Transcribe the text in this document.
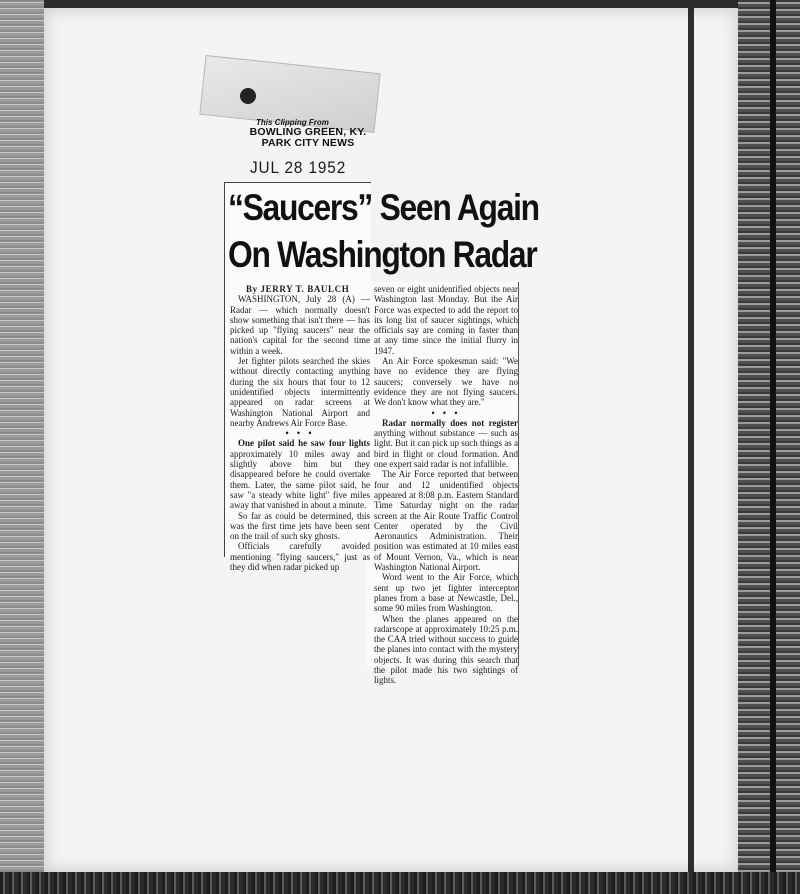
This Clipping From
BOWLING GREEN, KY.
PARK CITY NEWS
JUL 28 1952
“Saucers” Seen Again
On Washington Radar

By JERRY T. BAULCH

WASHINGTON, July 28 (A) — Radar — which normally doesn't show something that isn't there — has picked up "flying saucers" near the nation's capital for the second time within a week.

Jet fighter pilots searched the skies without directly contacting anything during the six hours that four to 12 unidentified objects intermittently appeared on radar screens at Washington National Airport and nearby Andrews Air Force Base.

• • •

One pilot said he saw four lights approximately 10 miles away and slightly above him but they disappeared before he could overtake them. Later, the same pilot said, he saw "a steady white light" five miles away that vanished in about a minute.

So far as could be determined, this was the first time jets have been sent on the trail of such sky ghosts.

Officials carefully avoided mentioning "flying saucers," just as they did when radar picked up

seven or eight unidentified objects near Washington last Monday. But the Air Force was expected to add the report to its long list of saucer sightings, which officials say are coming in faster than at any time since the initial flurry in 1947.

An Air Force spokesman said: "We have no evidence they are flying saucers; conversely we have no evidence they are not flying saucers. We don't know what they are."

• • •

Radar normally does not register anything without substance — such as light. But it can pick up such things as a bird in flight or cloud formation. And one expert said radar is not infallible.

The Air Force reported that between four and 12 unidentified objects appeared at 8:08 p.m. Eastern Standard Time Saturday night on the radar screen at the Air Route Traffic Control Center operated by the Civil Aeronautics Administration. Their position was estimated at 10 miles east of Mount Vernon, Va., which is near Washington National Airport.

Word went to the Air Force, which sent up two jet fighter interceptor planes from a base at Newcastle, Del., some 90 miles from Washington.

When the planes appeared on the radarscope at approximately 10:25 p.m. the CAA tried without success to guide the planes into contact with the mystery objects. It was during this search that the pilot made his two sightings of lights.
